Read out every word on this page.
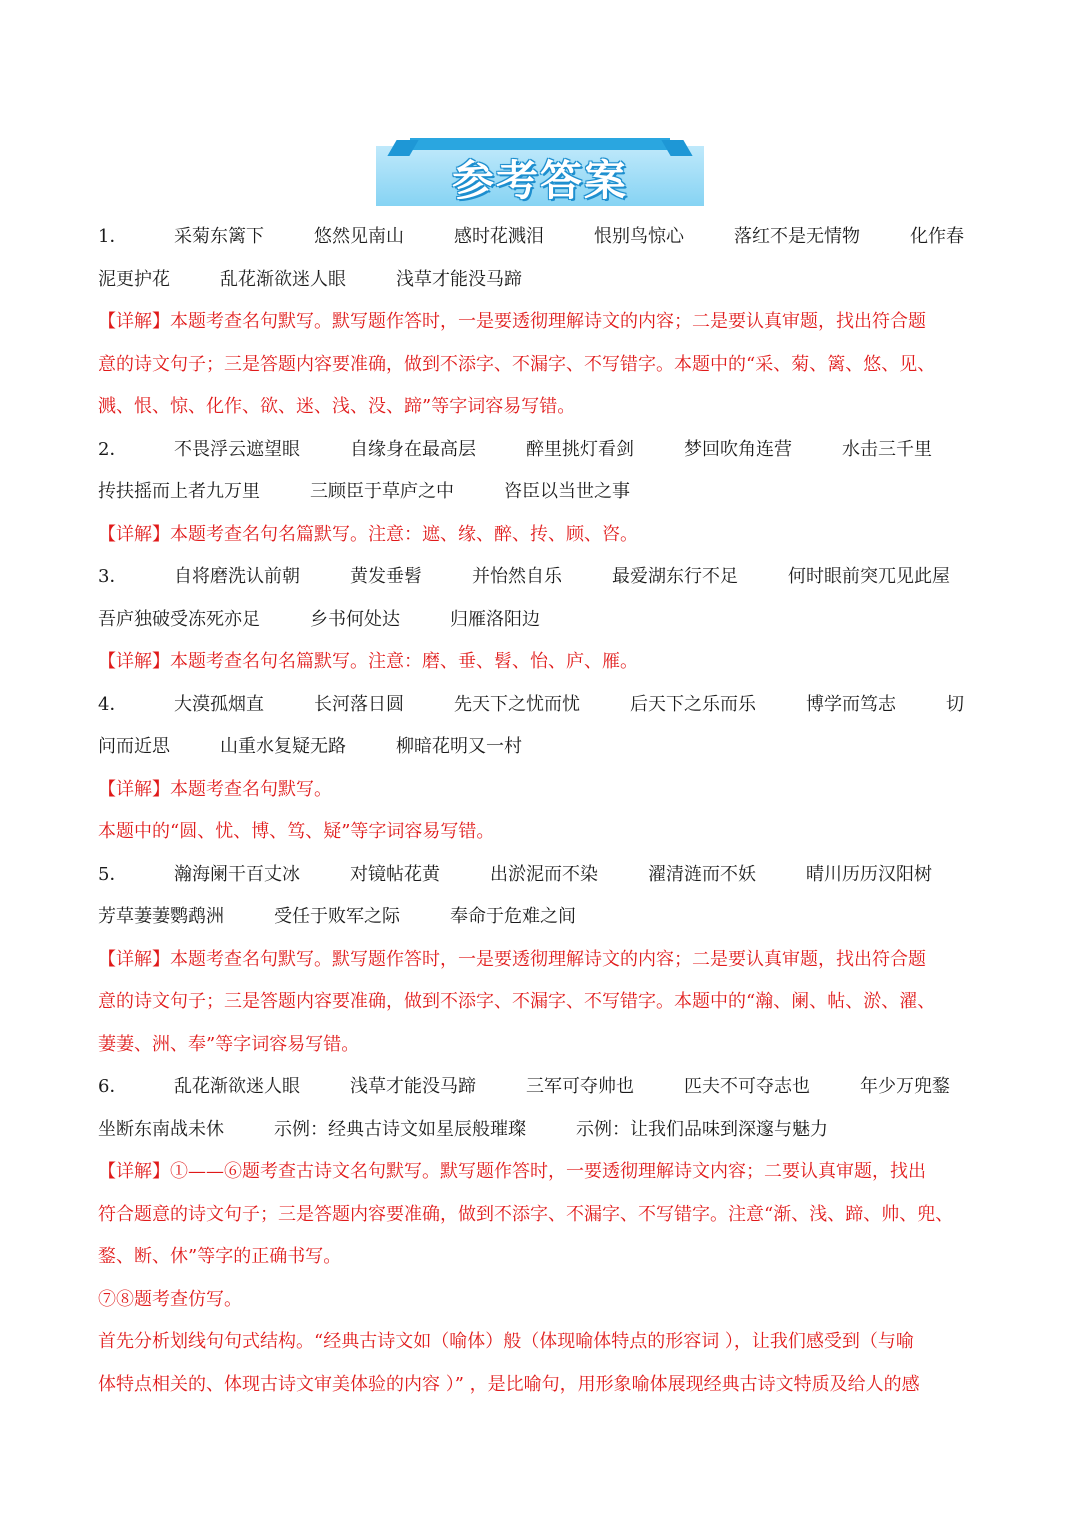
参考答案
1．	采菊东篱下	悠然见南山	感时花溅泪	恨别鸟惊心	落红不是无情物	化作春
泥更护花	乱花渐欲迷人眼	浅草才能没马蹄
【详解】本题考查名句默写。默写题作答时，一是要透彻理解诗文的内容；二是要认真审题，找出符合题
意的诗文句子；三是答题内容要准确，做到不添字、不漏字、不写错字。本题中的“采、菊、篱、悠、见、
溅、恨、惊、化作、欲、迷、浅、没、蹄”等字词容易写错。
2．	不畏浮云遮望眼	自缘身在最高层	醉里挑灯看剑	梦回吹角连营	水击三千里
抟扶摇而上者九万里	三顾臣于草庐之中	咨臣以当世之事
【详解】本题考查名句名篇默写。注意：遮、缘、醉、抟、顾、咨。
3．	自将磨洗认前朝	黄发垂髫	并怡然自乐	最爱湖东行不足	何时眼前突兀见此屋
吾庐独破受冻死亦足	乡书何处达	归雁洛阳边
【详解】本题考查名句名篇默写。注意：磨、垂、髫、怡、庐、雁。
4．	大漠孤烟直	长河落日圆	先天下之忧而忧	后天下之乐而乐	博学而笃志	切
问而近思	山重水复疑无路	柳暗花明又一村
【详解】本题考查名句默写。
本题中的“圆、忧、博、笃、疑”等字词容易写错。
5．	瀚海阑干百丈冰	对镜帖花黄	出淤泥而不染	濯清涟而不妖	晴川历历汉阳树
芳草萋萋鹦鹉洲	受任于败军之际	奉命于危难之间
【详解】本题考查名句默写。默写题作答时，一是要透彻理解诗文的内容；二是要认真审题，找出符合题
意的诗文句子；三是答题内容要准确，做到不添字、不漏字、不写错字。本题中的“瀚、阑、帖、淤、濯、
萋萋、洲、奉”等字词容易写错。
6．	乱花渐欲迷人眼	浅草才能没马蹄	三军可夺帅也	匹夫不可夺志也	年少万兜鍪
坐断东南战未休	示例：经典古诗文如星辰般璀璨	示例：让我们品味到深邃与魅力
【详解】①——⑥题考查古诗文名句默写。默写题作答时，一要透彻理解诗文内容；二要认真审题，找出
符合题意的诗文句子；三是答题内容要准确，做到不添字、不漏字、不写错字。注意“渐、浅、蹄、帅、兜、
鍪、断、休”等字的正确书写。
⑦⑧题考查仿写。
首先分析划线句句式结构。“经典古诗文如（喻体）般（体现喻体特点的形容词 ），让我们感受到（与喻
体特点相关的、体现古诗文审美体验的内容 ）” ，是比喻句，用形象喻体展现经典古诗文特质及给人的感
